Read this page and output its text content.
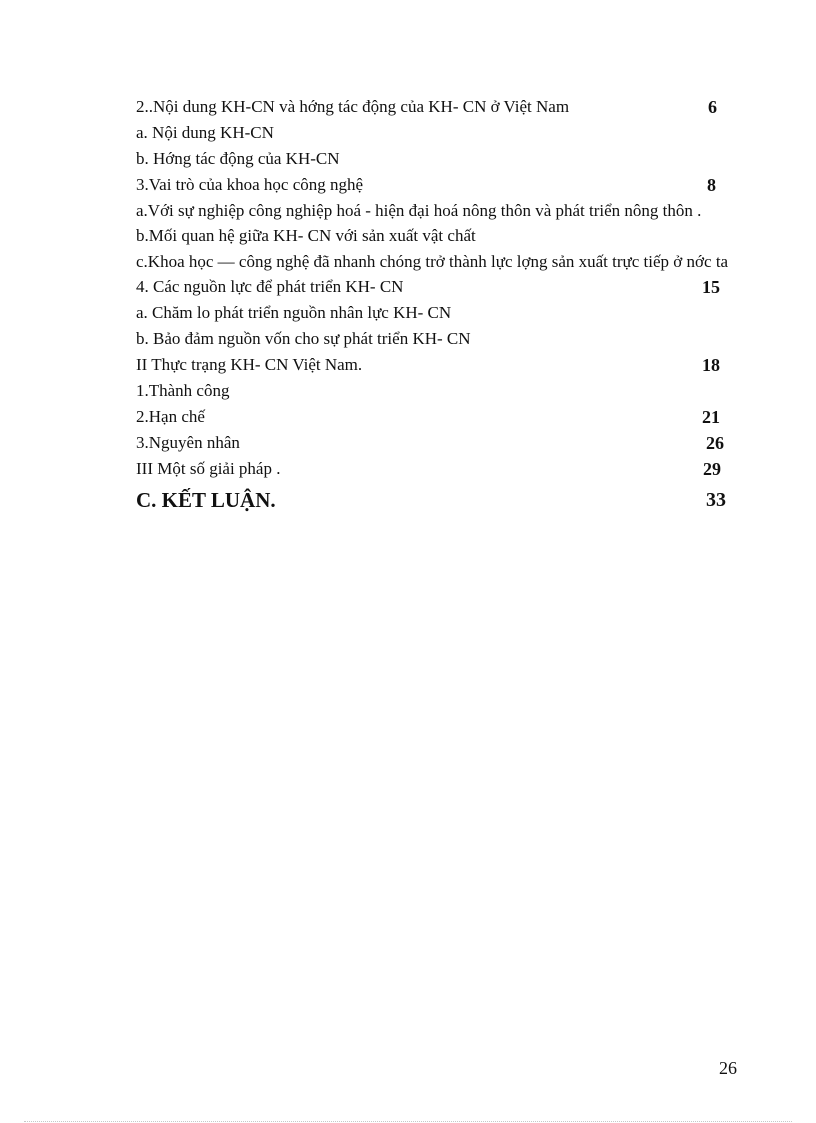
2..Nội dung KH-CN và hớng tác động của KH- CN ở Việt Nam	6
a. Nội dung KH-CN
b. Hớng tác động của KH-CN
3.Vai trò của khoa học công nghệ	8
a.Với sự nghiệp công nghiệp hoá - hiện đại hoá nông thôn và phát triển nông thôn .
b.Mối quan hệ giữa KH- CN với sản xuất vật chất
c.Khoa học — công nghệ đã nhanh chóng trở thành lực lợng sản xuất trực tiếp ở nớc ta
4. Các nguồn lực để phát triển KH- CN	15
a. Chăm lo phát triển nguồn nhân lực KH- CN
b. Bảo đảm nguồn vốn cho sự phát triển KH- CN
II Thực trạng KH- CN Việt Nam.	18
1.Thành công
2.Hạn chế	21
3.Nguyên nhân	26
III Một số giải pháp .	29
C. KẾT LUẬN.	33
26
